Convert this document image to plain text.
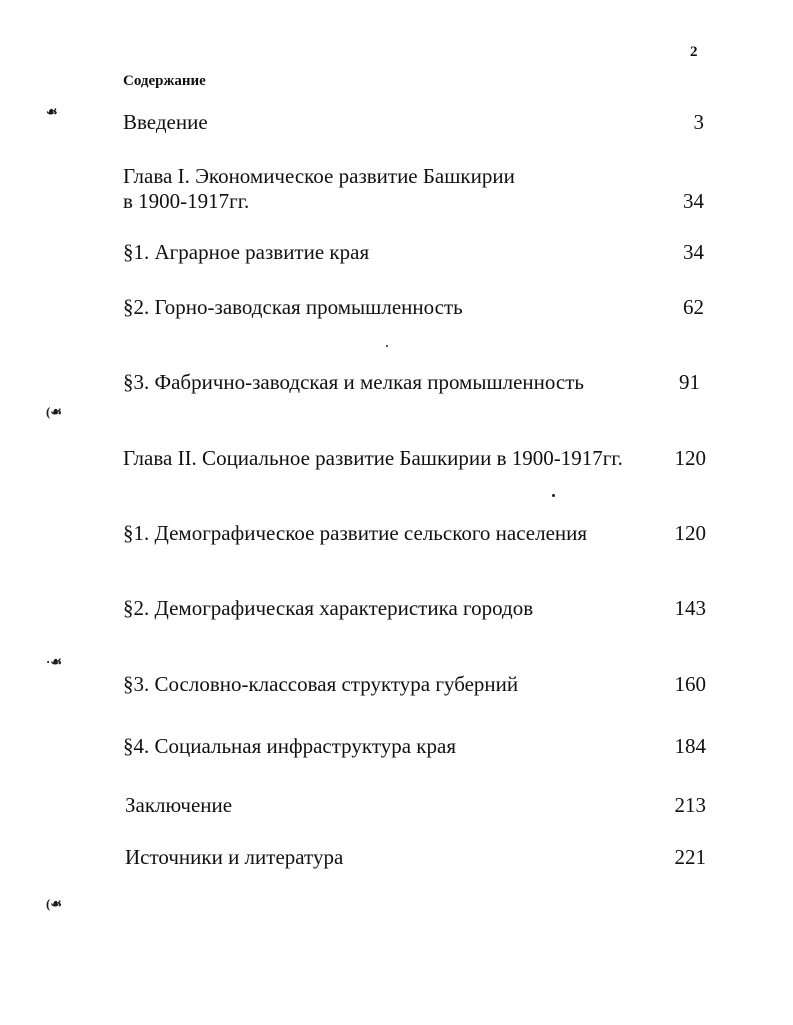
2
Содержание
☙
(☙
·☙
(☙
Введение	3
Глава I. Экономическое развитие Башкирии
в 1900-1917гг.	34
§1. Аграрное развитие края	34
§2. Горно-заводская промышленность	62
§3. Фабрично-заводская и мелкая промышленность	91
Глава II. Социальное развитие Башкирии в 1900-1917гг.	120
§1. Демографическое развитие сельского населения	120
§2. Демографическая характеристика городов	143
§3. Сословно-классовая структура губерний	160
§4. Социальная инфраструктура края	184
Заключение	213
Источники и литература	221
